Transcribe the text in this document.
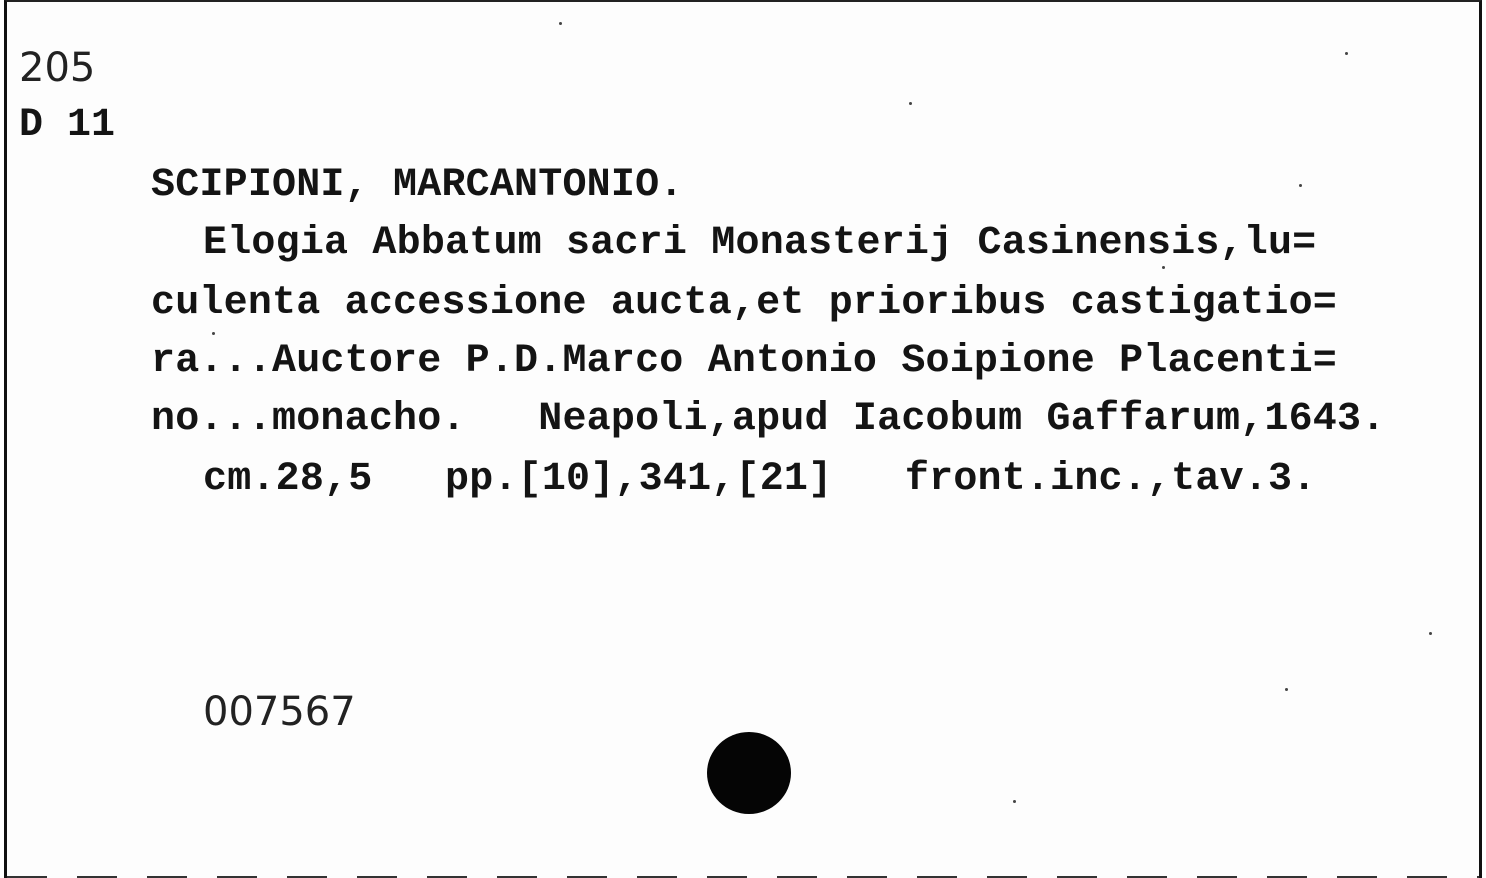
205
D 11
SCIPIONI, MARCANTONIO.
Elogia Abbatum sacri Monasterij Casinensis,lu=
culenta accessione aucta,et prioribus castigatio=
ra...Auctore P.D.Marco Antonio Soipione Placenti=
no...monacho.   Neapoli,apud Iacobum Gaffarum,1643.
cm.28,5   pp.[10],341,[21]   front.inc.,tav.3.
007567
